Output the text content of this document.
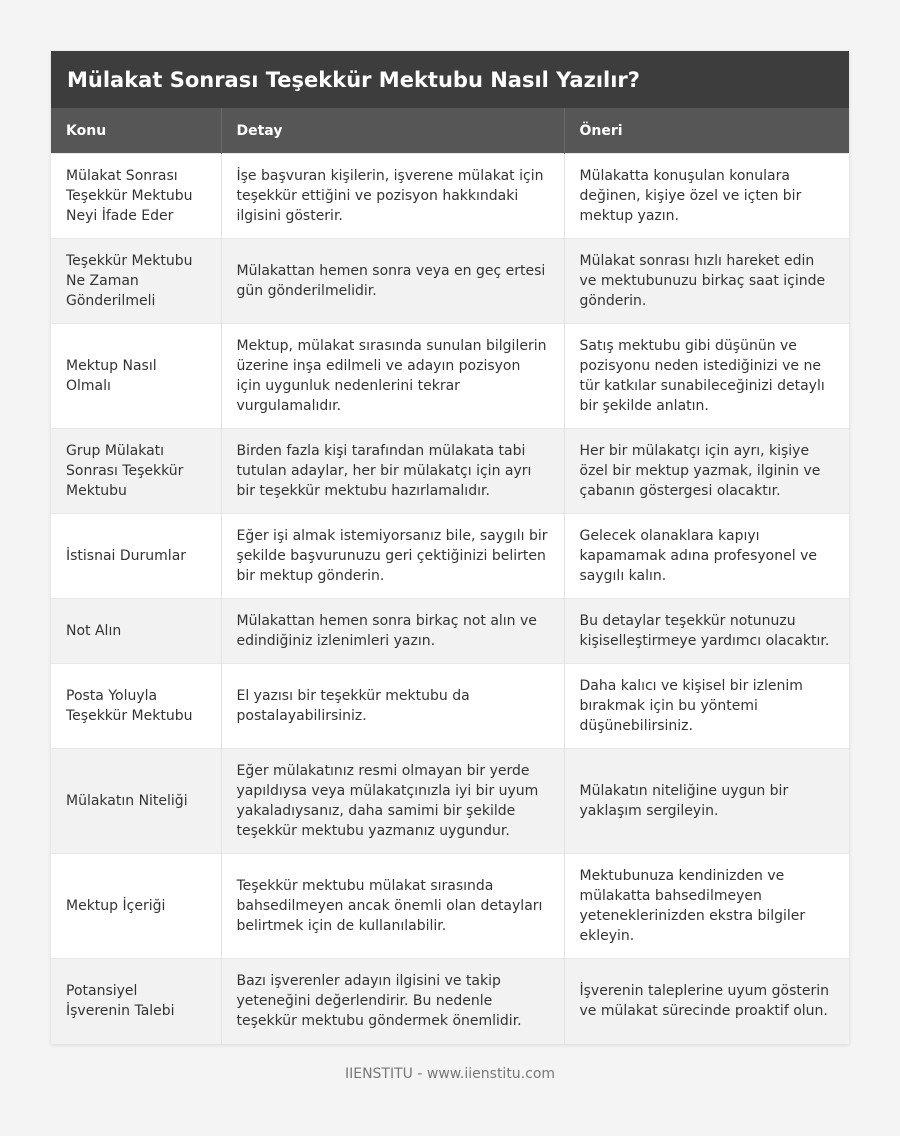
Mülakat Sonrası Teşekkür Mektubu Nasıl Yazılır?
Konu	Detay	Öneri
Mülakat Sonrası Teşekkür Mektubu Neyi İfade Eder	İşe başvuran kişilerin, işverene mülakat için teşekkür ettiğini ve pozisyon hakkındaki ilgisini gösterir.	Mülakatta konuşulan konulara değinen, kişiye özel ve içten bir mektup yazın.
Teşekkür Mektubu Ne Zaman Gönderilmeli	Mülakattan hemen sonra veya en geç ertesi gün gönderilmelidir.	Mülakat sonrası hızlı hareket edin ve mektubunuzu birkaç saat içinde gönderin.
Mektup Nasıl Olmalı	Mektup, mülakat sırasında sunulan bilgilerin üzerine inşa edilmeli ve adayın pozisyon için uygunluk nedenlerini tekrar vurgulamalıdır.	Satış mektubu gibi düşünün ve pozisyonu neden istediğinizi ve ne tür katkılar sunabileceğinizi detaylı bir şekilde anlatın.
Grup Mülakatı Sonrası Teşekkür Mektubu	Birden fazla kişi tarafından mülakata tabi tutulan adaylar, her bir mülakatçı için ayrı bir teşekkür mektubu hazırlamalıdır.	Her bir mülakatçı için ayrı, kişiye özel bir mektup yazmak, ilginin ve çabanın göstergesi olacaktır.
İstisnai Durumlar	Eğer işi almak istemiyorsanız bile, saygılı bir şekilde başvurunuzu geri çektiğinizi belirten bir mektup gönderin.	Gelecek olanaklara kapıyı kapamamak adına profesyonel ve saygılı kalın.
Not Alın	Mülakattan hemen sonra birkaç not alın ve edindiğiniz izlenimleri yazın.	Bu detaylar teşekkür notunuzu kişiselleştirmeye yardımcı olacaktır.
Posta Yoluyla Teşekkür Mektubu	El yazısı bir teşekkür mektubu da postalayabilirsiniz.	Daha kalıcı ve kişisel bir izlenim bırakmak için bu yöntemi düşünebilirsiniz.
Mülakatın Niteliği	Eğer mülakatınız resmi olmayan bir yerde yapıldıysa veya mülakatçınızla iyi bir uyum yakaladıysanız, daha samimi bir şekilde teşekkür mektubu yazmanız uygundur.	Mülakatın niteliğine uygun bir yaklaşım sergileyin.
Mektup İçeriği	Teşekkür mektubu mülakat sırasında bahsedilmeyen ancak önemli olan detayları belirtmek için de kullanılabilir.	Mektubunuza kendinizden ve mülakatta bahsedilmeyen yeteneklerinizden ekstra bilgiler ekleyin.
Potansiyel İşverenin Talebi	Bazı işverenler adayın ilgisini ve takip yeteneğini değerlendirir. Bu nedenle teşekkür mektubu göndermek önemlidir.	İşverenin taleplerine uyum gösterin ve mülakat sürecinde proaktif olun.
IIENSTITU - www.iienstitu.com
